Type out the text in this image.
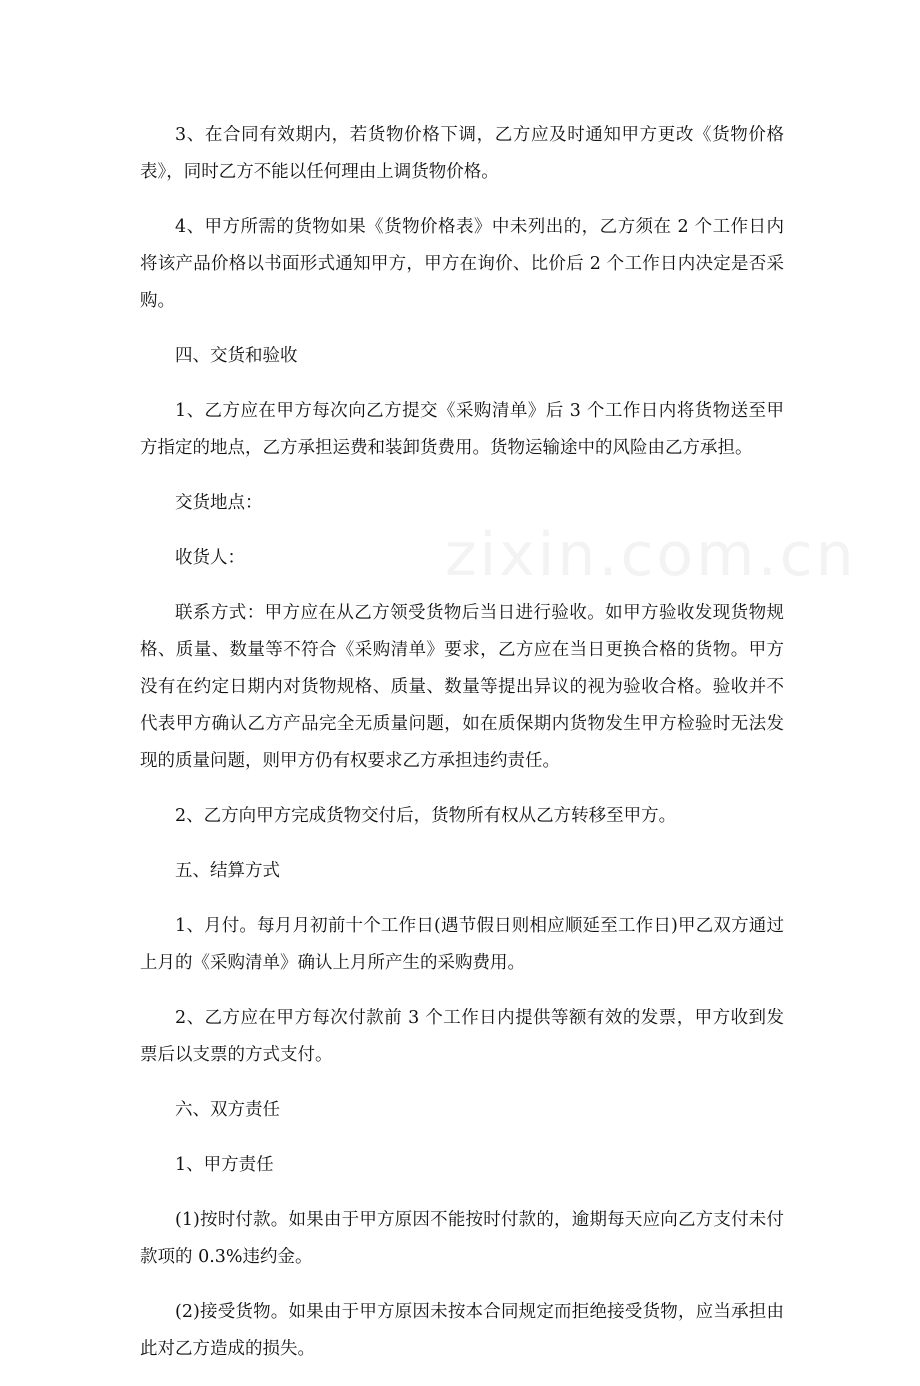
3、在合同有效期内，若货物价格下调，乙方应及时通知甲方更改《货物价格表》，同时乙方不能以任何理由上调货物价格。

4、甲方所需的货物如果《货物价格表》中未列出的，乙方须在 2 个工作日内将该产品价格以书面形式通知甲方，甲方在询价、比价后 2 个工作日内决定是否采购。

四、交货和验收

1、乙方应在甲方每次向乙方提交《采购清单》后 3 个工作日内将货物送至甲方指定的地点，乙方承担运费和装卸货费用。货物运输途中的风险由乙方承担。

交货地点：

收货人：

联系方式：甲方应在从乙方领受货物后当日进行验收。如甲方验收发现货物规格、质量、数量等不符合《采购清单》要求，乙方应在当日更换合格的货物。甲方没有在约定日期内对货物规格、质量、数量等提出异议的视为验收合格。验收并不代表甲方确认乙方产品完全无质量问题，如在质保期内货物发生甲方检验时无法发现的质量问题，则甲方仍有权要求乙方承担违约责任。

2、乙方向甲方完成货物交付后，货物所有权从乙方转移至甲方。

五、结算方式

1、月付。每月月初前十个工作日(遇节假日则相应顺延至工作日)甲乙双方通过上月的《采购清单》确认上月所产生的采购费用。

2、乙方应在甲方每次付款前 3 个工作日内提供等额有效的发票，甲方收到发票后以支票的方式支付。

六、双方责任

1、甲方责任

(1)按时付款。如果由于甲方原因不能按时付款的，逾期每天应向乙方支付未付款项的 0.3%违约金。

(2)接受货物。如果由于甲方原因未按本合同规定而拒绝接受货物，应当承担由此对乙方造成的损失。

zixin.com.cn
